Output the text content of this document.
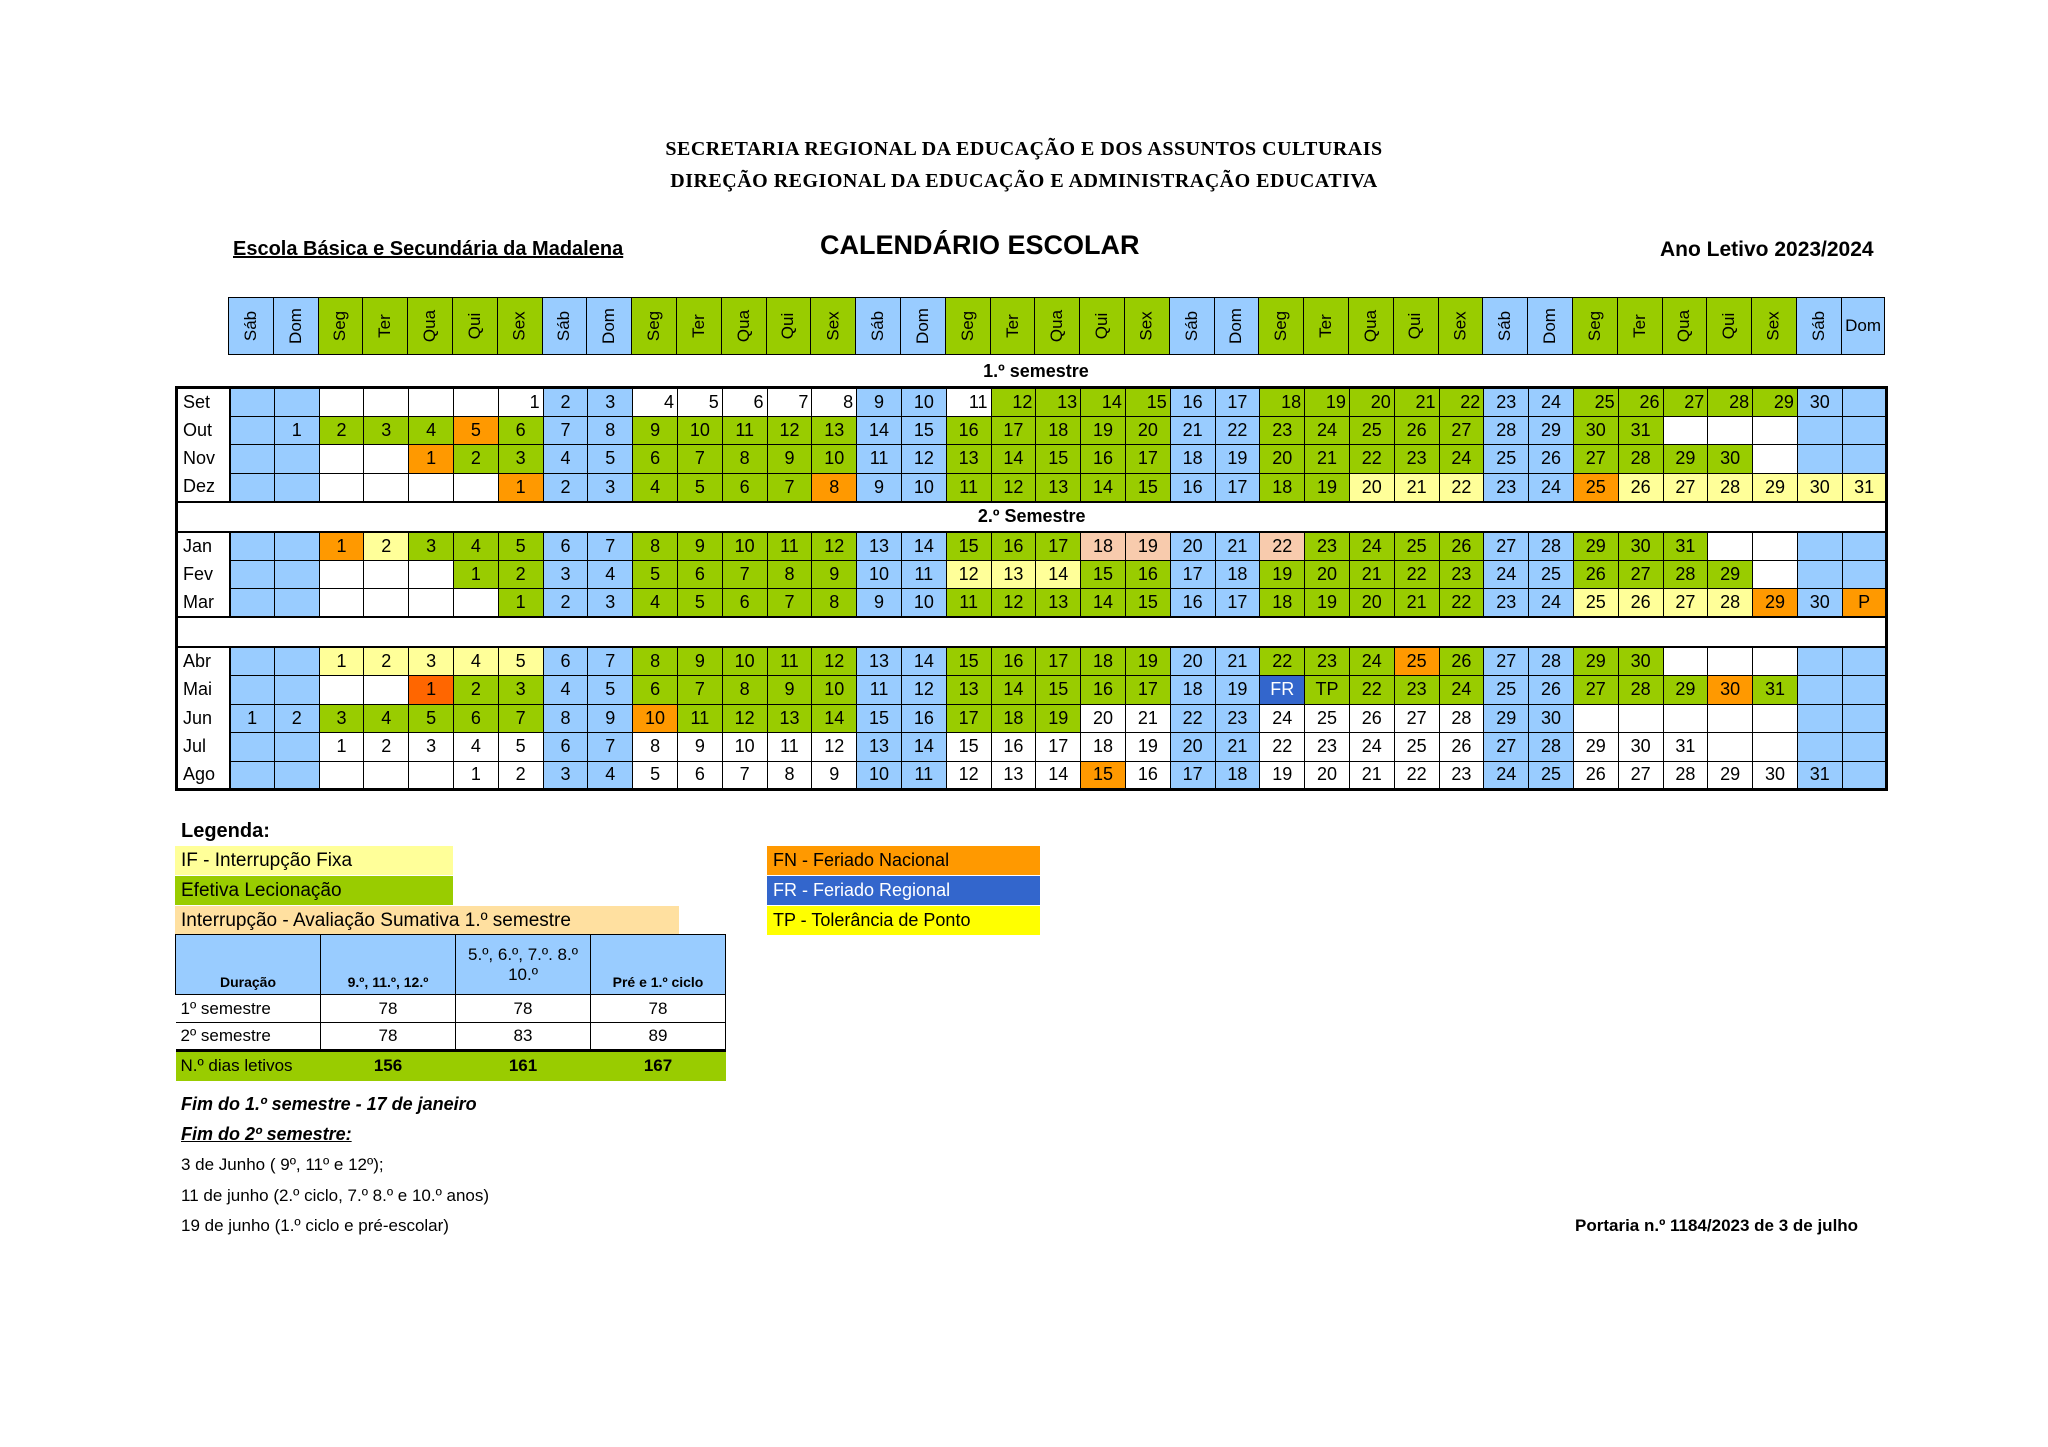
SECRETARIA REGIONAL DA EDUCAÇÃO E DOS ASSUNTOS CULTURAIS
DIREÇÃO REGIONAL DA EDUCAÇÃO E ADMINISTRAÇÃO EDUCATIVA
Escola Básica e Secundária da Madalena	CALENDÁRIO ESCOLAR	Ano Letivo 2023/2024
Sáb Dom Seg Ter Qua Qui Sex Sáb Dom Seg Ter Qua Qui Sex Sáb Dom Seg Ter Qua Qui Sex Sáb Dom Seg Ter Qua Qui Sex Sáb Dom Seg Ter Qua Qui Sex Sáb Dom
1.º semestre
Set							1	2	3	4	5	6	7	8	9	10	11	12	13	14	15	16	17	18	19	20	21	22	23	24	25	26	27	28	29	30	
Out		1	2	3	4	5	6	7	8	9	10	11	12	13	14	15	16	17	18	19	20	21	22	23	24	25	26	27	28	29	30	31					
Nov					1	2	3	4	5	6	7	8	9	10	11	12	13	14	15	16	17	18	19	20	21	22	23	24	25	26	27	28	29	30			
Dez							1	2	3	4	5	6	7	8	9	10	11	12	13	14	15	16	17	18	19	20	21	22	23	24	25	26	27	28	29	30	31
2.º Semestre																																					
Jan			1	2	3	4	5	6	7	8	9	10	11	12	13	14	15	16	17	18	19	20	21	22	23	24	25	26	27	28	29	30	31				
Fev						1	2	3	4	5	6	7	8	9	10	11	12	13	14	15	16	17	18	19	20	21	22	23	24	25	26	27	28	29			
Mar							1	2	3	4	5	6	7	8	9	10	11	12	13	14	15	16	17	18	19	20	21	22	23	24	25	26	27	28	29	30	P

Abr			1	2	3	4	5	6	7	8	9	10	11	12	13	14	15	16	17	18	19	20	21	22	23	24	25	26	27	28	29	30					
Mai					1	2	3	4	5	6	7	8	9	10	11	12	13	14	15	16	17	18	19	FR	TP	22	23	24	25	26	27	28	29	30	31		
Jun	1	2	3	4	5	6	7	8	9	10	11	12	13	14	15	16	17	18	19	20	21	22	23	24	25	26	27	28	29	30							
Jul			1	2	3	4	5	6	7	8	9	10	11	12	13	14	15	16	17	18	19	20	21	22	23	24	25	26	27	28	29	30	31				
Ago						1	2	3	4	5	6	7	8	9	10	11	12	13	14	15	16	17	18	19	20	21	22	23	24	25	26	27	28	29	30	31	
Legenda:
IF - Interrupção Fixa
Efetiva Lecionação
Interrupção - Avaliação Sumativa 1.º semestre
FN - Feriado Nacional
FR - Feriado Regional
TP - Tolerância de Ponto
Duração	9.º, 11.º, 12.º	5.º, 6.º, 7.º. 8.º 10.º	Pré e 1.º ciclo
1º semestre	78	78	78
2º semestre	78	83	89
N.º dias letivos	156	161	167
Fim do 1.º semestre - 17 de janeiro
Fim do 2º semestre:
3 de Junho ( 9º, 11º e 12º);
11 de junho (2.º ciclo, 7.º 8.º e 10.º anos)
19 de junho (1.º ciclo e pré-escolar)	Portaria n.º 1184/2023 de 3 de julho
